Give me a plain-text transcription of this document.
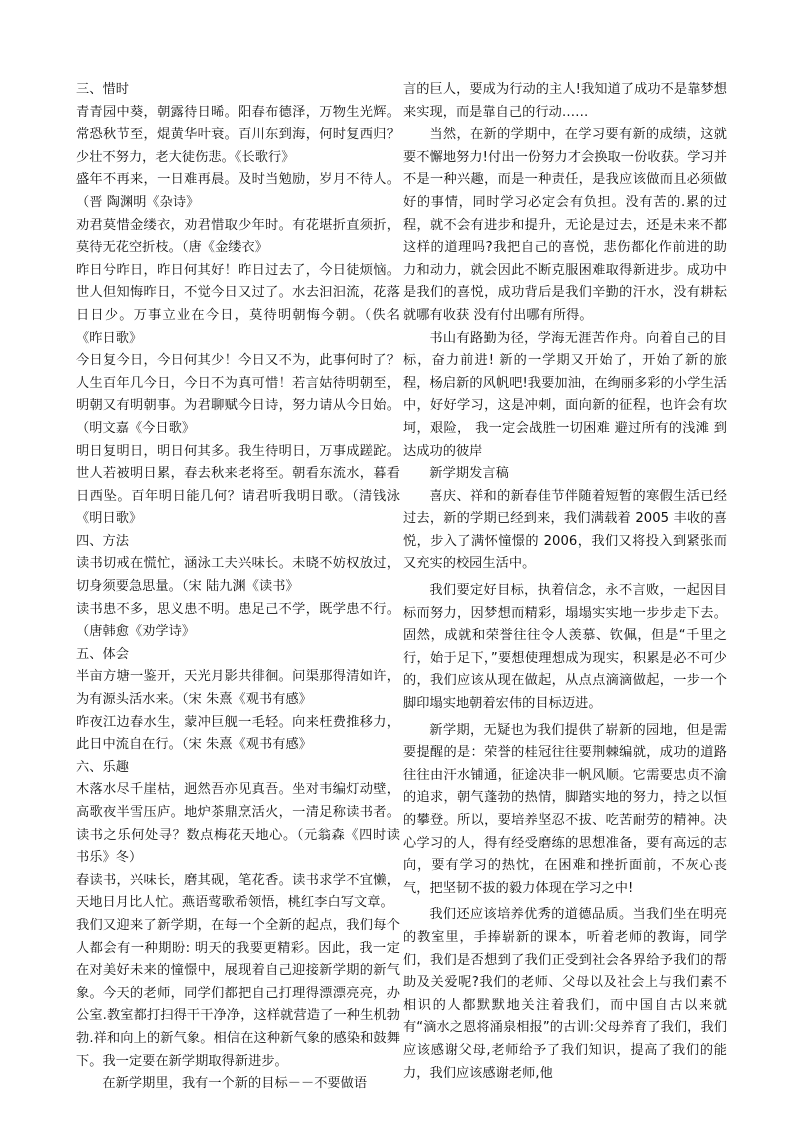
三、惜时

青青园中葵，朝露待日晞。阳春布德泽，万物生光辉。常恐秋节至，焜黄华叶衰。百川东到海，何时复西归？少壮不努力，老大徒伤悲。《长歌行》

盛年不再来，一日难再晨。及时当勉励，岁月不待人。（晋 陶渊明《杂诗》

劝君莫惜金缕衣，劝君惜取少年时。有花堪折直须折，莫待无花空折枝。（唐《金缕衣》

昨日兮昨日，昨日何其好！昨日过去了，今日徒烦恼。世人但知悔昨日，不觉今日又过了。水去汩汩流，花落日日少。万事立业在今日，莫待明朝悔今朝。（佚名《昨日歌》

今日复今日，今日何其少！今日又不为，此事何时了？人生百年几今日，今日不为真可惜！若言姑待明朝至，明朝又有明朝事。为君聊赋今日诗，努力请从今日始。（明文嘉《今日歌》

明日复明日，明日何其多。我生待明日，万事成蹉跎。世人若被明日累，春去秋来老将至。朝看东流水，暮看日西坠。百年明日能几何？请君听我明日歌。（清钱泳《明日歌》

四、方法

读书切戒在慌忙，涵泳工夫兴味长。未晓不妨权放过，切身须要急思量。（宋 陆九渊《读书》

读书患不多，思义患不明。患足己不学，既学患不行。（唐韩愈《劝学诗》

五、体会

半亩方塘一鉴开，天光月影共徘徊。问渠那得清如许，为有源头活水来。（宋 朱熹《观书有感》

昨夜江边春水生，蒙冲巨舰一毛轻。向来枉费推移力，此日中流自在行。（宋 朱熹《观书有感》

六、乐趣

木落水尽千崖枯，迥然吾亦见真吾。坐对韦编灯动壁，高歌夜半雪压庐。地炉茶鼎烹活火，一清足称读书者。读书之乐何处寻？数点梅花天地心。（元翁森《四时读书乐》冬）

春读书，兴味长，磨其砚，笔花香。读书求学不宜懒，天地日月比人忙。燕语莺歌希领悟，桃红李白写文章。

我们又迎来了新学期，在每一个全新的起点，我们每个人都会有一种期盼: 明天的我要更精彩。因此，我一定在对美好未来的憧憬中，展现着自己迎接新学期的新气象。今天的老师，同学们都把自己打理得漂漂亮亮，办公室.教室都打扫得干干净净，这样就营造了一种生机勃勃.祥和向上的新气象。相信在这种新气象的感染和鼓舞下。我一定要在新学期取得新进步。

在新学期里，我有一个新的目标－－不要做语

言的巨人，要成为行动的主人!我知道了成功不是靠梦想来实现，而是靠自己的行动……

当然，在新的学期中，在学习要有新的成绩，这就要不懈地努力!付出一份努力才会换取一份收获。学习并不是一种兴趣，而是一种责任，是我应该做而且必须做好的事情，同时学习必定会有负担。没有苦的.累的过程，就不会有进步和提升，无论是过去，还是未来不都这样的道理吗?我把自己的喜悦，悲伤都化作前进的助力和动力，就会因此不断克服困难取得新进步。成功中是我们的喜悦，成功背后是我们辛勤的汗水，没有耕耘就哪有收获 没有付出哪有所得。

书山有路勤为径，学海无涯苦作舟。向着自己的目标，奋力前进! 新的一学期又开始了，开始了新的旅程，杨启新的风帆吧!我要加油，在绚丽多彩的小学生活中，好好学习，这是冲刺，面向新的征程，也许会有坎坷，艰险， 我一定会战胜一切困难 避过所有的浅滩 到达成功的彼岸

新学期发言稿

喜庆、祥和的新春佳节伴随着短暂的寒假生活已经过去，新的学期已经到来，我们满载着 2005 丰收的喜悦，步入了满怀憧憬的 2006，我们又将投入到紧张而又充实的校园生活中。

我们要定好目标，执着信念，永不言败，一起因目标而努力，因梦想而精彩，塌塌实实地一步步走下去。固然，成就和荣誉往往令人羡慕、钦佩，但是“千里之行，始于足下，”要想使理想成为现实，积累是必不可少的，我们应该从现在做起，从点点滴滴做起，一步一个脚印塌实地朝着宏伟的目标迈进。

新学期，无疑也为我们提供了崭新的园地，但是需要提醒的是：荣誉的桂冠往往要荆棘编就，成功的道路往往由汗水铺通，征途决非一帆风顺。它需要忠贞不渝的追求，朝气蓬勃的热情，脚踏实地的努力，持之以恒的攀登。所以，要培养坚忍不拔、吃苦耐劳的精神。决心学习的人，得有经受磨练的思想准备，要有高远的志向，要有学习的热忱，在困难和挫折面前，不灰心丧气，把坚韧不拔的毅力体现在学习之中!

我们还应该培养优秀的道德品质。当我们坐在明亮的教室里，手捧崭新的课本，听着老师的教诲，同学们，我们是否想到了我们正受到社会各界给予我们的帮助及关爱呢?我们的老师、父母以及社会上与我们素不相识的人都默默地关注着我们，而中国自古以来就有“滴水之恩将涌泉相报”的古训:父母养育了我们，我们应该感谢父母,老师给予了我们知识，提高了我们的能力，我们应该感谢老师,他
